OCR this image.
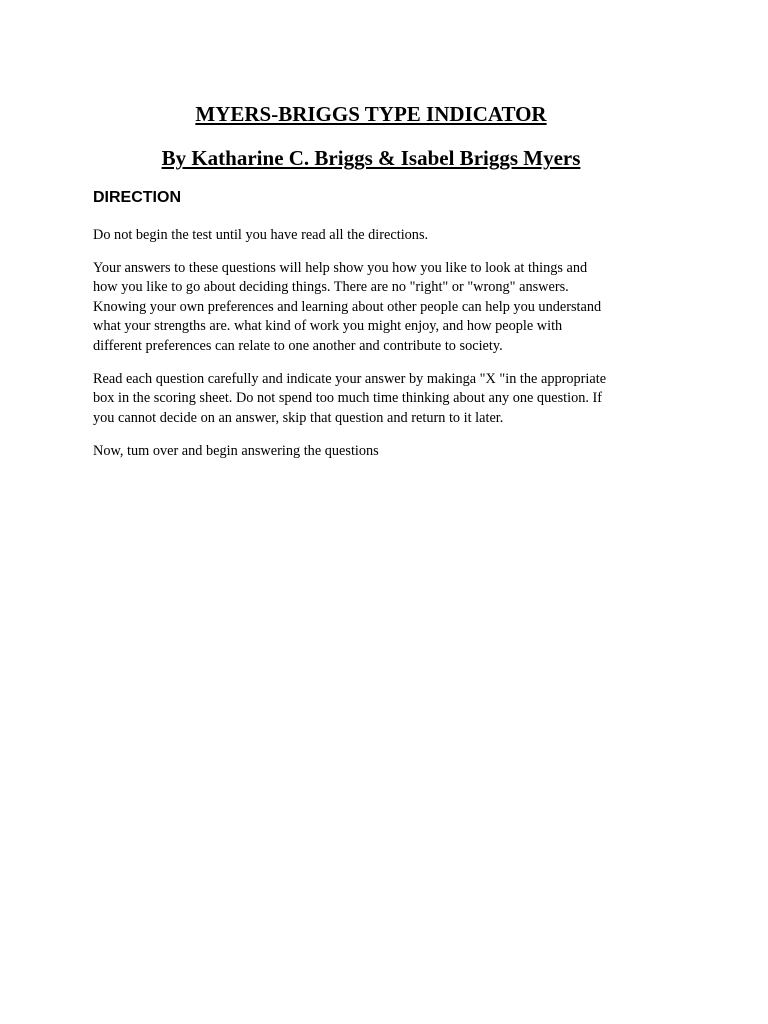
MYERS-BRIGGS TYPE INDICATOR
By Katharine C. Briggs & Isabel Briggs Myers
DIRECTION

Do not begin the test until you have read all the directions.

Your answers to these questions will help show you how you like to look at things and
how you like to go about deciding things. There are no "right" or "wrong" answers.
Knowing your own preferences and learning about other people can help you understand
what your strengths are. what kind of work you might enjoy, and how people with
different preferences can relate to one another and contribute to society.

Read each question carefully and indicate your answer by makinga "X "in the appropriate
box in the scoring sheet. Do not spend too much time thinking about any one question. If
you cannot decide on an answer, skip that question and return to it later.

Now, tum over and begin answering the questions
